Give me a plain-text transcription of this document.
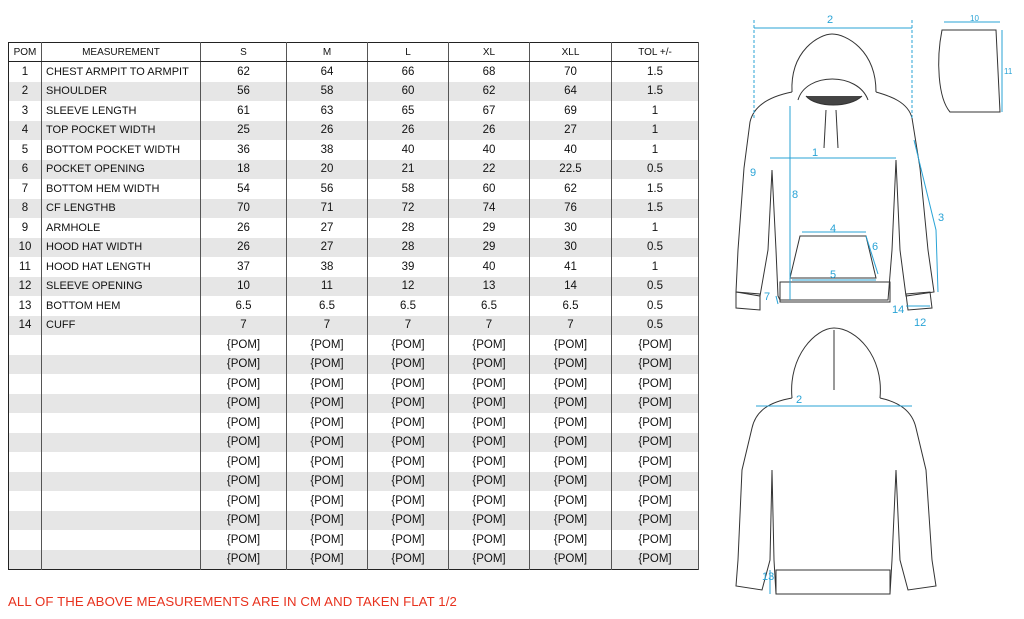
POM	MEASUREMENT	S	M	L	XL	XLL	TOL +/-
1	CHEST ARMPIT TO ARMPIT	62	64	66	68	70	1.5
2	SHOULDER	56	58	60	62	64	1.5
3	SLEEVE LENGTH	61	63	65	67	69	1
4	TOP POCKET WIDTH	25	26	26	26	27	1
5	BOTTOM POCKET WIDTH	36	38	40	40	40	1
6	POCKET OPENING	18	20	21	22	22.5	0.5
7	BOTTOM HEM WIDTH	54	56	58	60	62	1.5
8	CF LENGTHB	70	71	72	74	76	1.5
9	ARMHOLE	26	27	28	29	30	1
10	HOOD HAT WIDTH	26	27	28	29	30	0.5
11	HOOD HAT LENGTH	37	38	39	40	41	1
12	SLEEVE OPENING	10	11	12	13	14	0.5
13	BOTTOM HEM	6.5	6.5	6.5	6.5	6.5	0.5
14	CUFF	7	7	7	7	7	0.5
		{POM]	{POM]	{POM]	{POM]	{POM]	{POM]
		{POM]	{POM]	{POM]	{POM]	{POM]	{POM]
		{POM]	{POM]	{POM]	{POM]	{POM]	{POM]
		{POM]	{POM]	{POM]	{POM]	{POM]	{POM]
		{POM]	{POM]	{POM]	{POM]	{POM]	{POM]
		{POM]	{POM]	{POM]	{POM]	{POM]	{POM]
		{POM]	{POM]	{POM]	{POM]	{POM]	{POM]
		{POM]	{POM]	{POM]	{POM]	{POM]	{POM]
		{POM]	{POM]	{POM]	{POM]	{POM]	{POM]
		{POM]	{POM]	{POM]	{POM]	{POM]	{POM]
		{POM]	{POM]	{POM]	{POM]	{POM]	{POM]
		{POM]	{POM]	{POM]	{POM]	{POM]	{POM]
ALL OF THE ABOVE MEASUREMENTS ARE IN CM AND TAKEN FLAT 1/2
2
1
9
8
3
4
6
5
7
14
12
10
11
2
13
